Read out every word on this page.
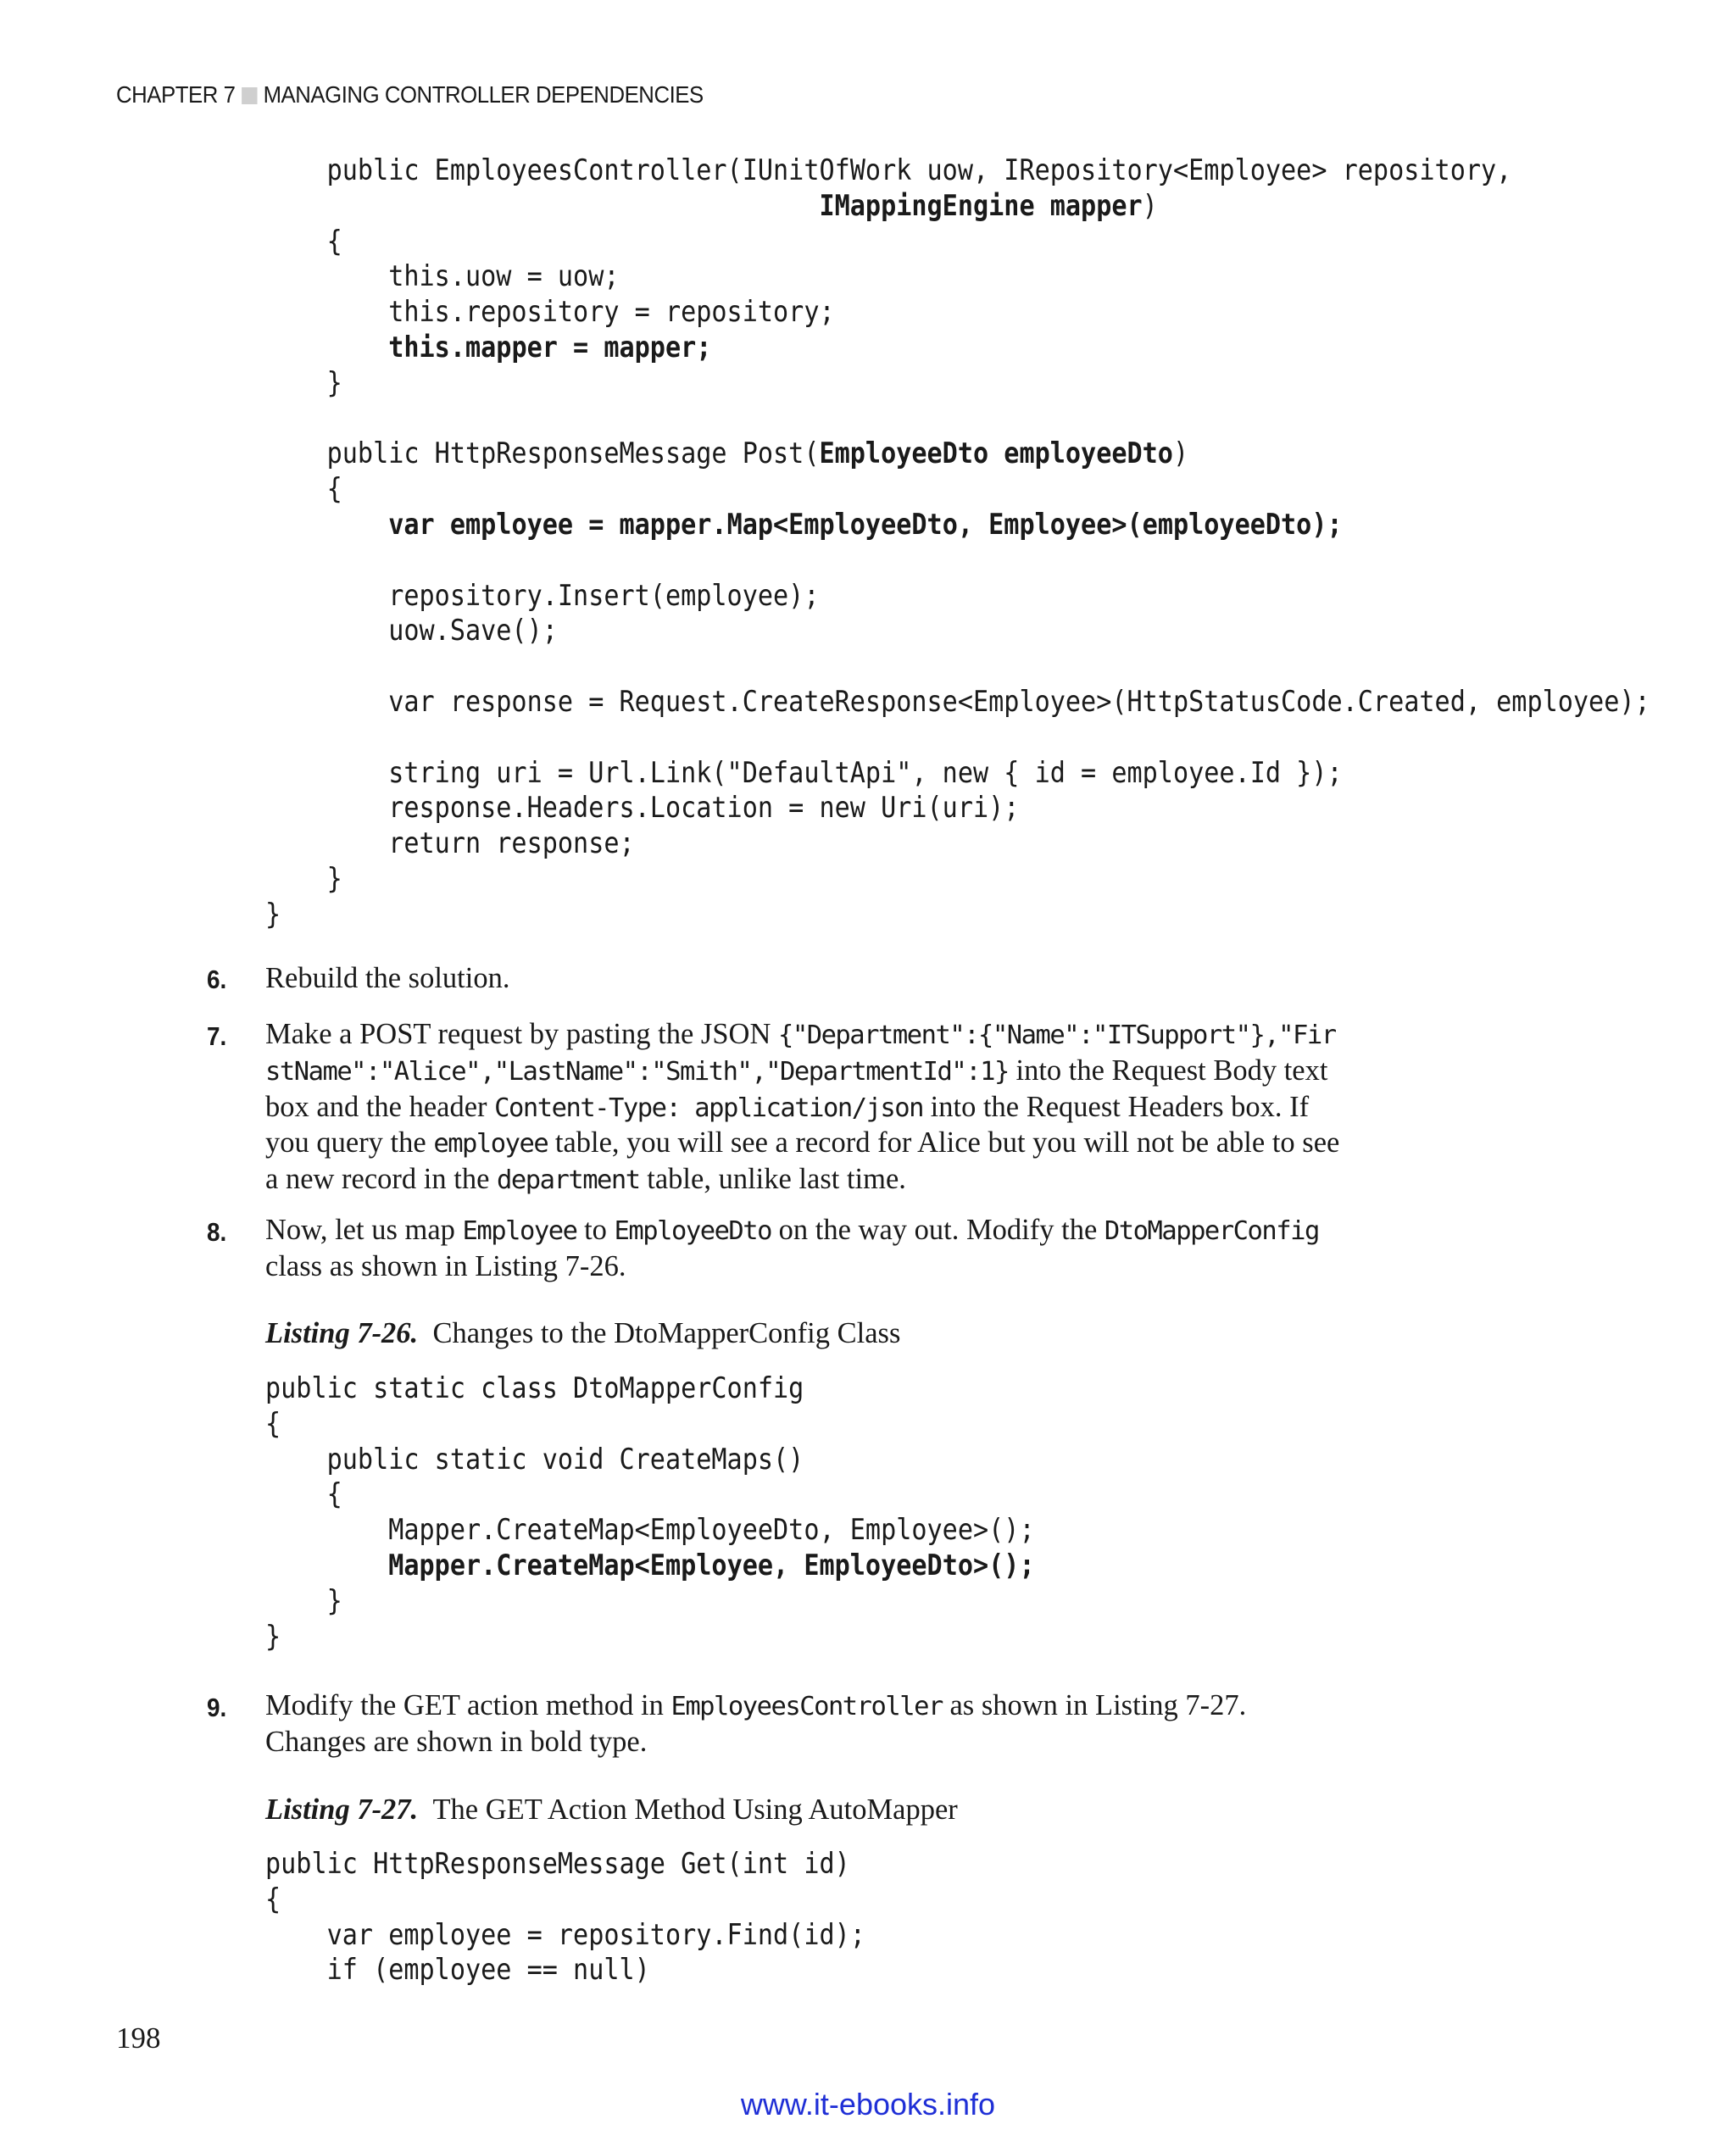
CHAPTER 7 MANAGING CONTROLLER DEPENDENCIES
public EmployeesController(IUnitOfWork uow, IRepository<Employee> repository,
IMappingEngine mapper)
{
this.uow = uow;
this.repository = repository;
this.mapper = mapper;
}

public HttpResponseMessage Post(EmployeeDto employeeDto)
{
var employee = mapper.Map<EmployeeDto, Employee>(employeeDto);

repository.Insert(employee);
uow.Save();

var response = Request.CreateResponse<Employee>(HttpStatusCode.Created, employee);

string uri = Url.Link("DefaultApi", new { id = employee.Id });
response.Headers.Location = new Uri(uri);
return response;
}
}
6. Rebuild the solution.
7. Make a POST request by pasting the JSON {"Department":{"Name":"ITSupport"},"Fir
stName":"Alice","LastName":"Smith","DepartmentId":1} into the Request Body text
box and the header Content-Type: application/json into the Request Headers box. If
you query the employee table, you will see a record for Alice but you will not be able to see
a new record in the department table, unlike last time.
8. Now, let us map Employee to EmployeeDto on the way out. Modify the DtoMapperConfig
class as shown in Listing 7-26.
Listing 7-26. Changes to the DtoMapperConfig Class
public static class DtoMapperConfig
{
public static void CreateMaps()
{
Mapper.CreateMap<EmployeeDto, Employee>();
Mapper.CreateMap<Employee, EmployeeDto>();
}
}
9. Modify the GET action method in EmployeesController as shown in Listing 7-27.
Changes are shown in bold type.
Listing 7-27. The GET Action Method Using AutoMapper
public HttpResponseMessage Get(int id)
{
var employee = repository.Find(id);
if (employee == null)
198
www.it-ebooks.info
